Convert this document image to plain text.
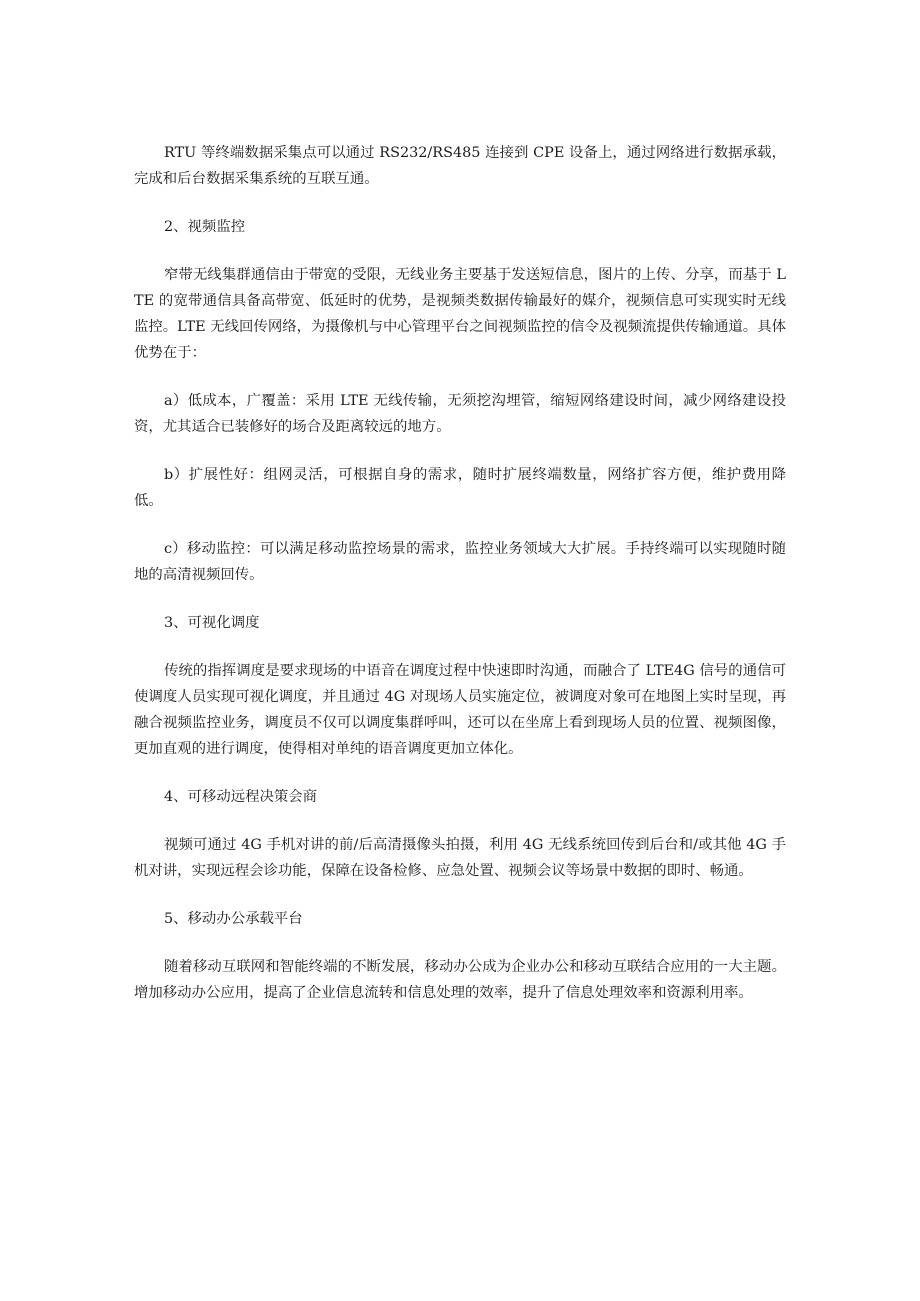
RTU 等终端数据采集点可以通过 RS232/RS485 连接到 CPE 设备上，通过网络进行数据承载，完成和后台数据采集系统的互联互通。

2、视频监控

窄带无线集群通信由于带宽的受限，无线业务主要基于发送短信息，图片的上传、分享，而基于 LTE 的宽带通信具备高带宽、低延时的优势，是视频类数据传输最好的媒介，视频信息可实现实时无线监控。LTE 无线回传网络，为摄像机与中心管理平台之间视频监控的信令及视频流提供传输通道。具体优势在于：

a）低成本，广覆盖：采用 LTE 无线传输，无须挖沟埋管，缩短网络建设时间，减少网络建设投资，尤其适合已装修好的场合及距离较远的地方。

b）扩展性好：组网灵活，可根据自身的需求，随时扩展终端数量，网络扩容方便，维护费用降低。

c）移动监控：可以满足移动监控场景的需求，监控业务领域大大扩展。手持终端可以实现随时随地的高清视频回传。

3、可视化调度

传统的指挥调度是要求现场的中语音在调度过程中快速即时沟通，而融合了 LTE4G 信号的通信可使调度人员实现可视化调度，并且通过 4G 对现场人员实施定位，被调度对象可在地图上实时呈现，再融合视频监控业务，调度员不仅可以调度集群呼叫，还可以在坐席上看到现场人员的位置、视频图像，更加直观的进行调度，使得相对单纯的语音调度更加立体化。

4、可移动远程决策会商

视频可通过 4G 手机对讲的前/后高清摄像头拍摄，利用 4G 无线系统回传到后台和/或其他 4G 手机对讲，实现远程会诊功能，保障在设备检修、应急处置、视频会议等场景中数据的即时、畅通。

5、移动办公承载平台

随着移动互联网和智能终端的不断发展，移动办公成为企业办公和移动互联结合应用的一大主题。增加移动办公应用，提高了企业信息流转和信息处理的效率，提升了信息处理效率和资源利用率。
